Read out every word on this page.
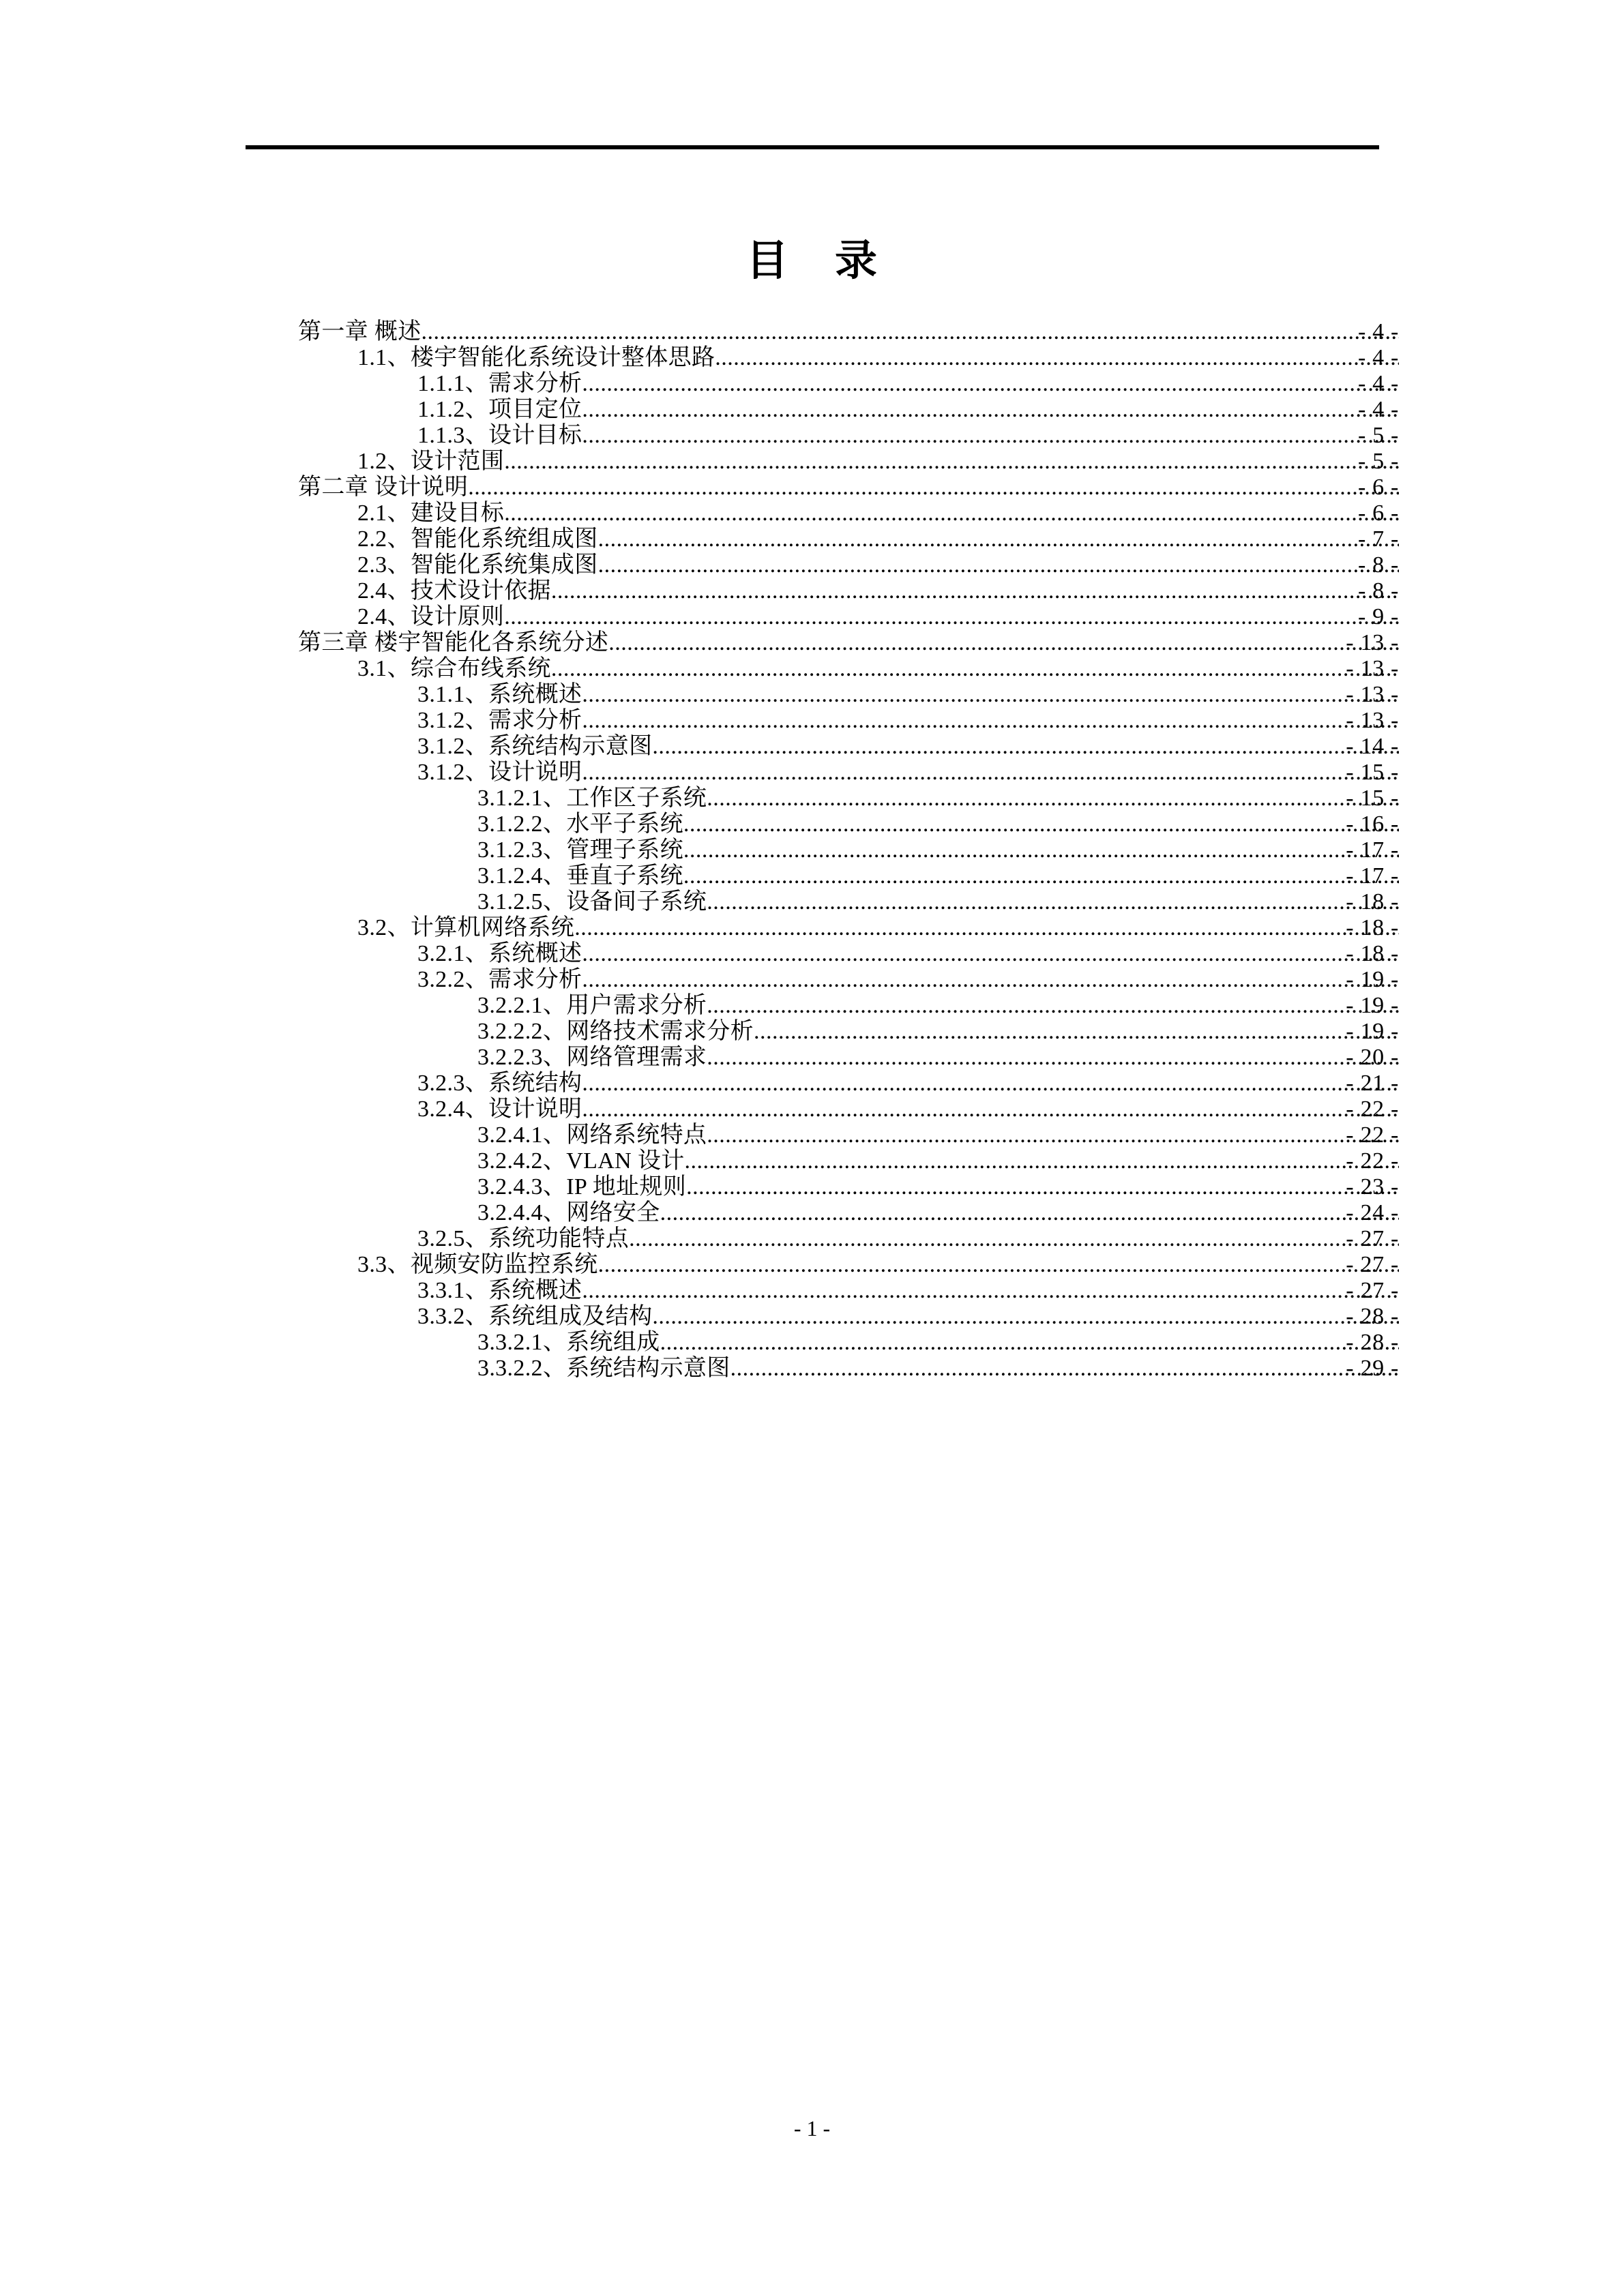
目    录
第一章 概述 .....	- 4 -
1.1、楼宇智能化系统设计整体思路 .....	- 4 -
1.1.1、需求分析 .....	- 4 -
1.1.2、项目定位 .....	- 4 -
1.1.3、设计目标 .....	- 5 -
1.2、设计范围 .....	- 5 -
第二章 设计说明 .....	- 6 -
2.1、建设目标 .....	- 6 -
2.2、智能化系统组成图 .....	- 7 -
2.3、智能化系统集成图 .....	- 8 -
2.4、技术设计依据 .....	- 8 -
2.4、设计原则 .....	- 9 -
第三章 楼宇智能化各系统分述 .....	- 13 -
3.1、综合布线系统 .....	- 13 -
3.1.1、系统概述 .....	- 13 -
3.1.2、需求分析 .....	- 13 -
3.1.2、系统结构示意图 .....	- 14 -
3.1.2、设计说明 .....	- 15 -
3.1.2.1、工作区子系统 .....	- 15 -
3.1.2.2、水平子系统 .....	- 16 -
3.1.2.3、管理子系统 .....	- 17 -
3.1.2.4、垂直子系统 .....	- 17 -
3.1.2.5、设备间子系统 .....	- 18 -
3.2、计算机网络系统 .....	- 18 -
3.2.1、系统概述 .....	- 18 -
3.2.2、需求分析 .....	- 19 -
3.2.2.1、用户需求分析 .....	- 19 -
3.2.2.2、网络技术需求分析 .....	- 19 -
3.2.2.3、网络管理需求 .....	- 20 -
3.2.3、系统结构 .....	- 21 -
3.2.4、设计说明 .....	- 22 -
3.2.4.1、网络系统特点 .....	- 22 -
3.2.4.2、VLAN 设计 .....	- 22 -
3.2.4.3、IP 地址规则 .....	- 23 -
3.2.4.4、网络安全 .....	- 24 -
3.2.5、系统功能特点 .....	- 27 -
3.3、视频安防监控系统 .....	- 27 -
3.3.1、系统概述 .....	- 27 -
3.3.2、系统组成及结构 .....	- 28 -
3.3.2.1、系统组成 .....	- 28 -
3.3.2.2、系统结构示意图 .....	- 29 -
- 1 -
